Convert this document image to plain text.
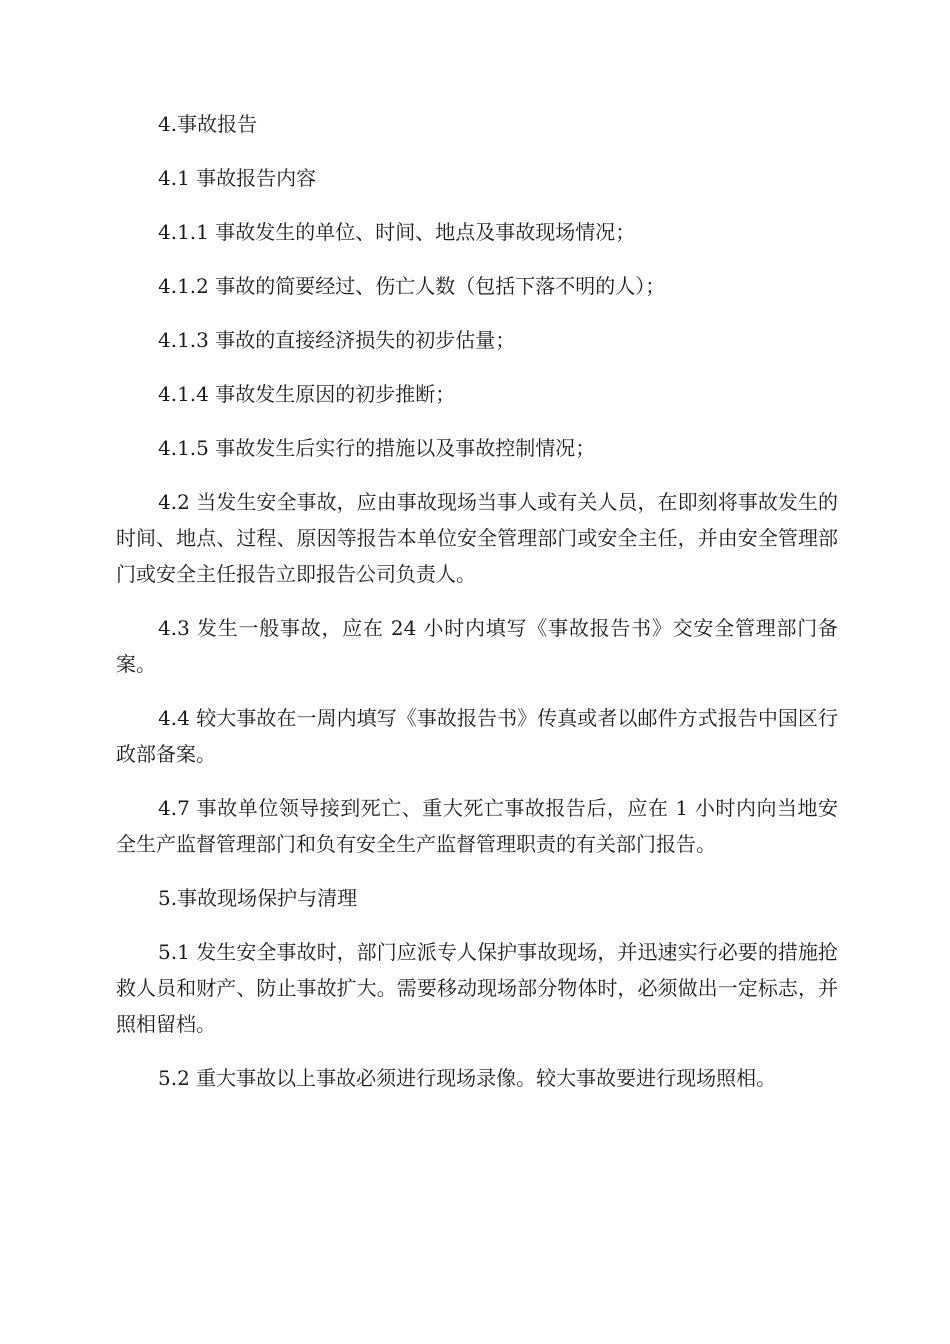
4.事故报告

4.1 事故报告内容

4.1.1 事故发生的单位、时间、地点及事故现场情况；

4.1.2 事故的简要经过、伤亡人数（包括下落不明的人）；

4.1.3 事故的直接经济损失的初步估量；

4.1.4 事故发生原因的初步推断；

4.1.5 事故发生后实行的措施以及事故控制情况；

4.2 当发生安全事故，应由事故现场当事人或有关人员，在即刻将事故发生的时间、地点、过程、原因等报告本单位安全管理部门或安全主任，并由安全管理部门或安全主任报告立即报告公司负责人。

4.3 发生一般事故，应在 24 小时内填写《事故报告书》交安全管理部门备案。

4.4 较大事故在一周内填写《事故报告书》传真或者以邮件方式报告中国区行政部备案。

4.7 事故单位领导接到死亡、重大死亡事故报告后，应在 1 小时内向当地安全生产监督管理部门和负有安全生产监督管理职责的有关部门报告。

5.事故现场保护与清理

5.1 发生安全事故时，部门应派专人保护事故现场，并迅速实行必要的措施抢救人员和财产、防止事故扩大。需要移动现场部分物体时，必须做出一定标志，并照相留档。

5.2 重大事故以上事故必须进行现场录像。较大事故要进行现场照相。
